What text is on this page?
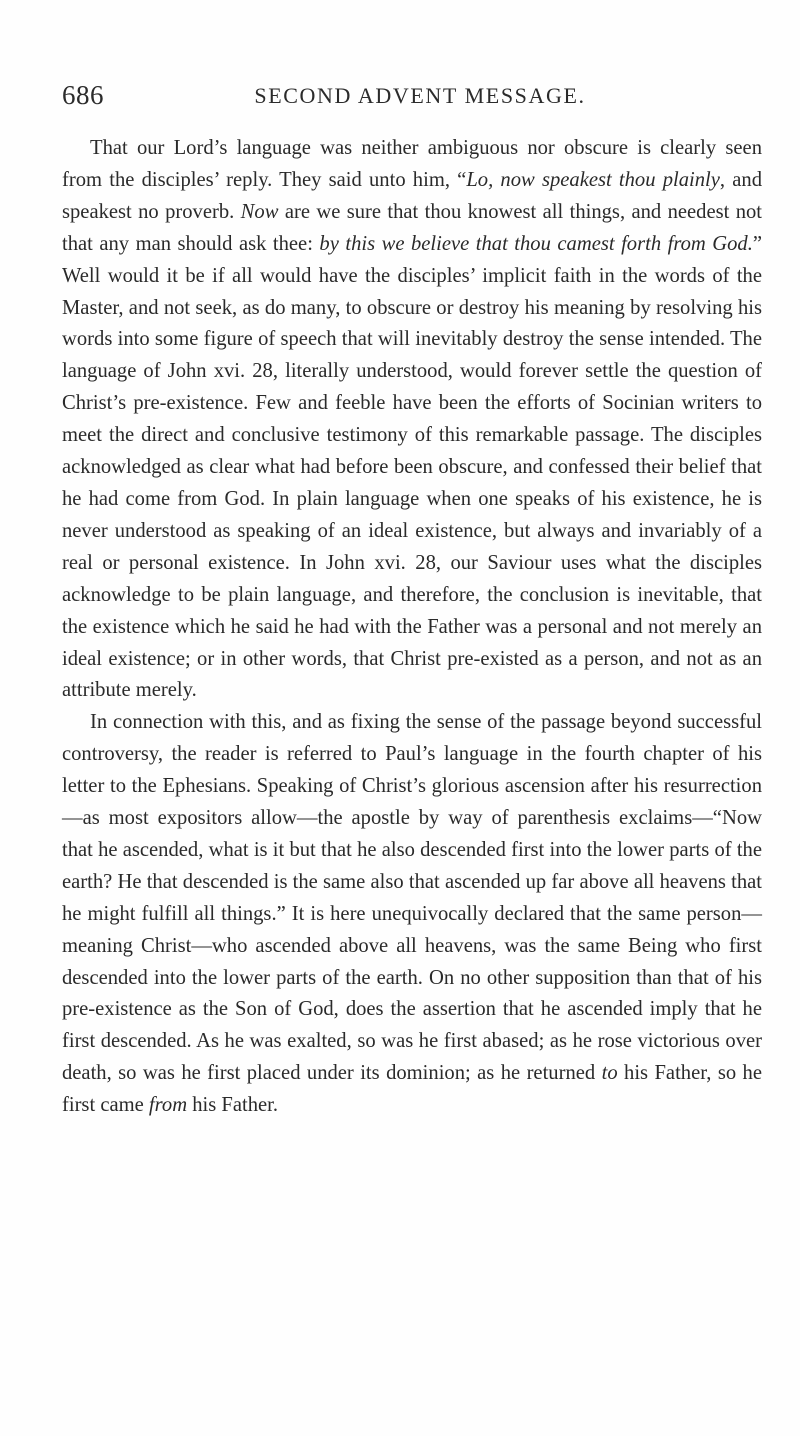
686	SECOND ADVENT MESSAGE.

That our Lord’s language was neither ambiguous nor obscure is clearly seen from the disciples’ reply. They said unto him, “Lo, now speakest thou plainly, and speakest no proverb. Now are we sure that thou knowest all things, and needest not that any man should ask thee: by this we believe that thou camest forth from God.” Well would it be if all would have the disciples’ implicit faith in the words of the Master, and not seek, as do many, to obscure or destroy his meaning by resolving his words into some figure of speech that will inevitably destroy the sense intended. The language of John xvi. 28, literally understood, would forever settle the question of Christ’s pre-existence. Few and feeble have been the efforts of Socinian writers to meet the direct and conclusive testimony of this remarkable passage. The disciples acknowledged as clear what had before been obscure, and confessed their belief that he had come from God. In plain language when one speaks of his existence, he is never understood as speaking of an ideal existence, but always and invariably of a real or personal existence. In John xvi. 28, our Saviour uses what the disciples acknowledge to be plain language, and therefore, the conclusion is inevitable, that the existence which he said he had with the Father was a personal and not merely an ideal existence; or in other words, that Christ pre-existed as a person, and not as an attribute merely.

In connection with this, and as fixing the sense of the passage beyond successful controversy, the reader is referred to Paul’s language in the fourth chapter of his letter to the Ephesians. Speaking of Christ’s glorious ascension after his resurrection—as most expositors allow—the apostle by way of parenthesis exclaims—“Now that he ascended, what is it but that he also descended first into the lower parts of the earth? He that descended is the same also that ascended up far above all heavens that he might fulfill all things.” It is here unequivocally declared that the same person—meaning Christ—who ascended above all heavens, was the same Being who first descended into the lower parts of the earth. On no other supposition than that of his pre-existence as the Son of God, does the assertion that he ascended imply that he first descended. As he was exalted, so was he first abased; as he rose victorious over death, so was he first placed under its dominion; as he returned to his Father, so he first came from his Father.
